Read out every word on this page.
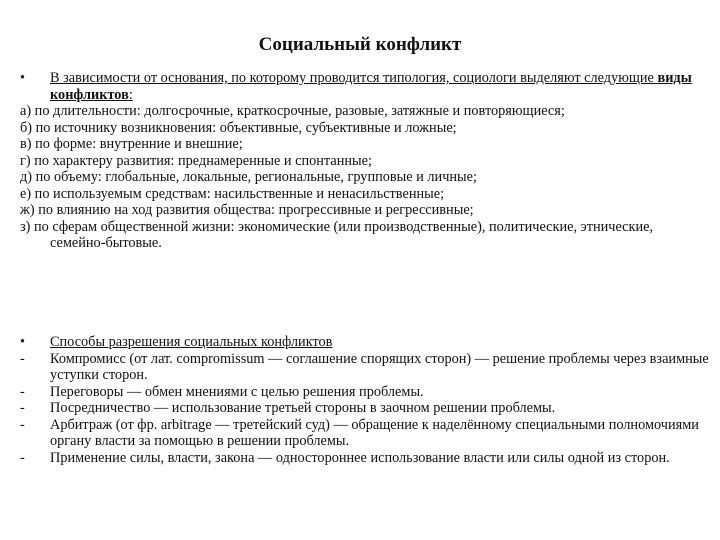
Социальный конфликт
•	В зависимости от основания, по которому проводится типология, социологи выделяют следующие виды конфликтов:
а) по длительности: долгосрочные, краткосрочные, разовые, затяжные и повторяющиеся;
б) по источнику возникновения: объективные, субъективные и ложные;
в) по форме: внутренние и внешние;
г) по характеру развития: преднамеренные и спонтанные;
д) по объему: глобальные, локальные, региональные, групповые и личные;
е) по используемым средствам: насильственные и ненасильственные;
ж) по влиянию на ход развития общества: прогрессивные и регрессивные;
з) по сферам общественной жизни: экономические (или производственные), политические, этнические, семейно-бытовые.
•	Способы разрешения социальных конфликтов
-	Компромисс (от лат. compromissum — соглашение спорящих сторон) — решение проблемы через взаимные уступки сторон.
-	Переговоры — обмен мнениями с целью решения проблемы.
-	Посредничество — использование третьей стороны в заочном решении проблемы.
-	Арбитраж (от фр. arbitrage — третейский суд) — обращение к наделённому специальными полномочиями органу власти за помощью в решении проблемы.
-	Применение силы, власти, закона — одностороннее использование власти или силы одной из сторон.
